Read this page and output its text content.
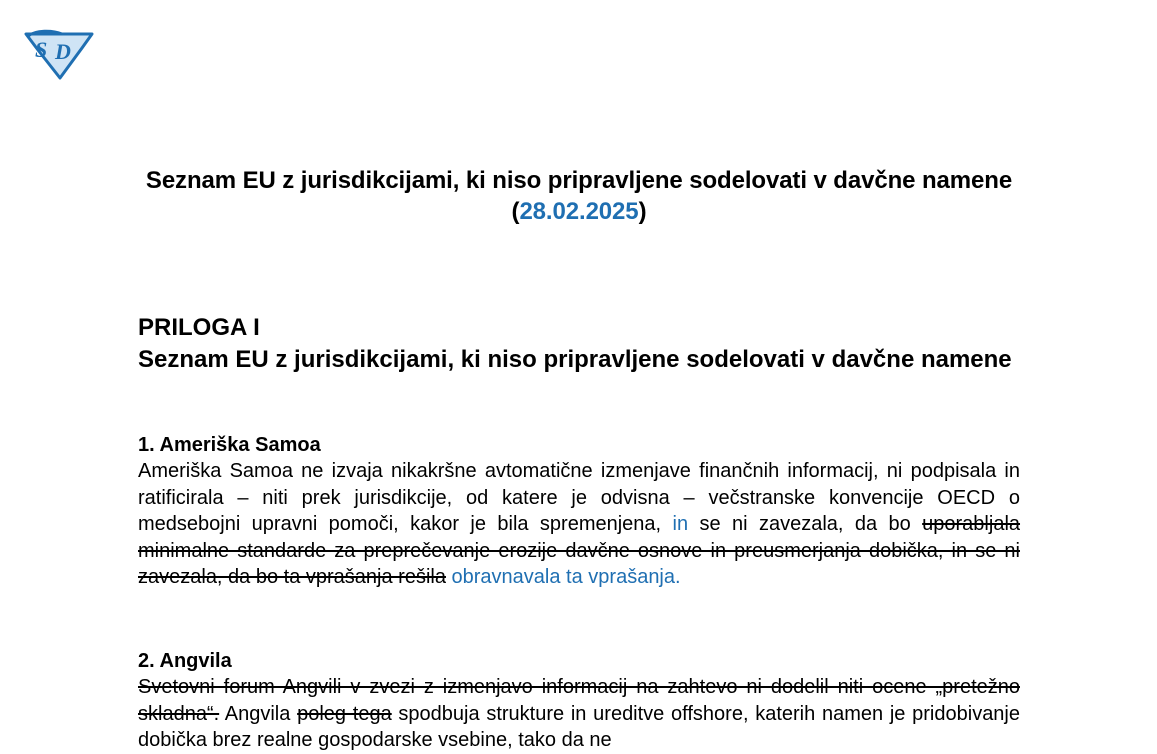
S D
Seznam EU z jurisdikcijami, ki niso pripravljene sodelovati v davčne namene
(28.02.2025)
PRILOGA I
Seznam EU z jurisdikcijami, ki niso pripravljene sodelovati v davčne namene
1. Ameriška Samoa

Ameriška Samoa ne izvaja nikakršne avtomatične izmenjave finančnih informacij, ni podpisala in ratificirala – niti prek jurisdikcije, od katere je odvisna – večstranske konvencije OECD o medsebojni upravni pomoči, kakor je bila spremenjena, in se ni zavezala, da bo uporabljala minimalne standarde za preprečevanje erozije davčne osnove in preusmerjanja dobička, in se ni zavezala, da bo ta vprašanja rešila obravnavala ta vprašanja.

2. Angvila

Svetovni forum Angvili v zvezi z izmenjavo informacij na zahtevo ni dodelil niti ocene „pretežno skladna“. Angvila poleg tega spodbuja strukture in ureditve offshore, katerih namen je pridobivanje dobička brez realne gospodarske vsebine, tako da ne
